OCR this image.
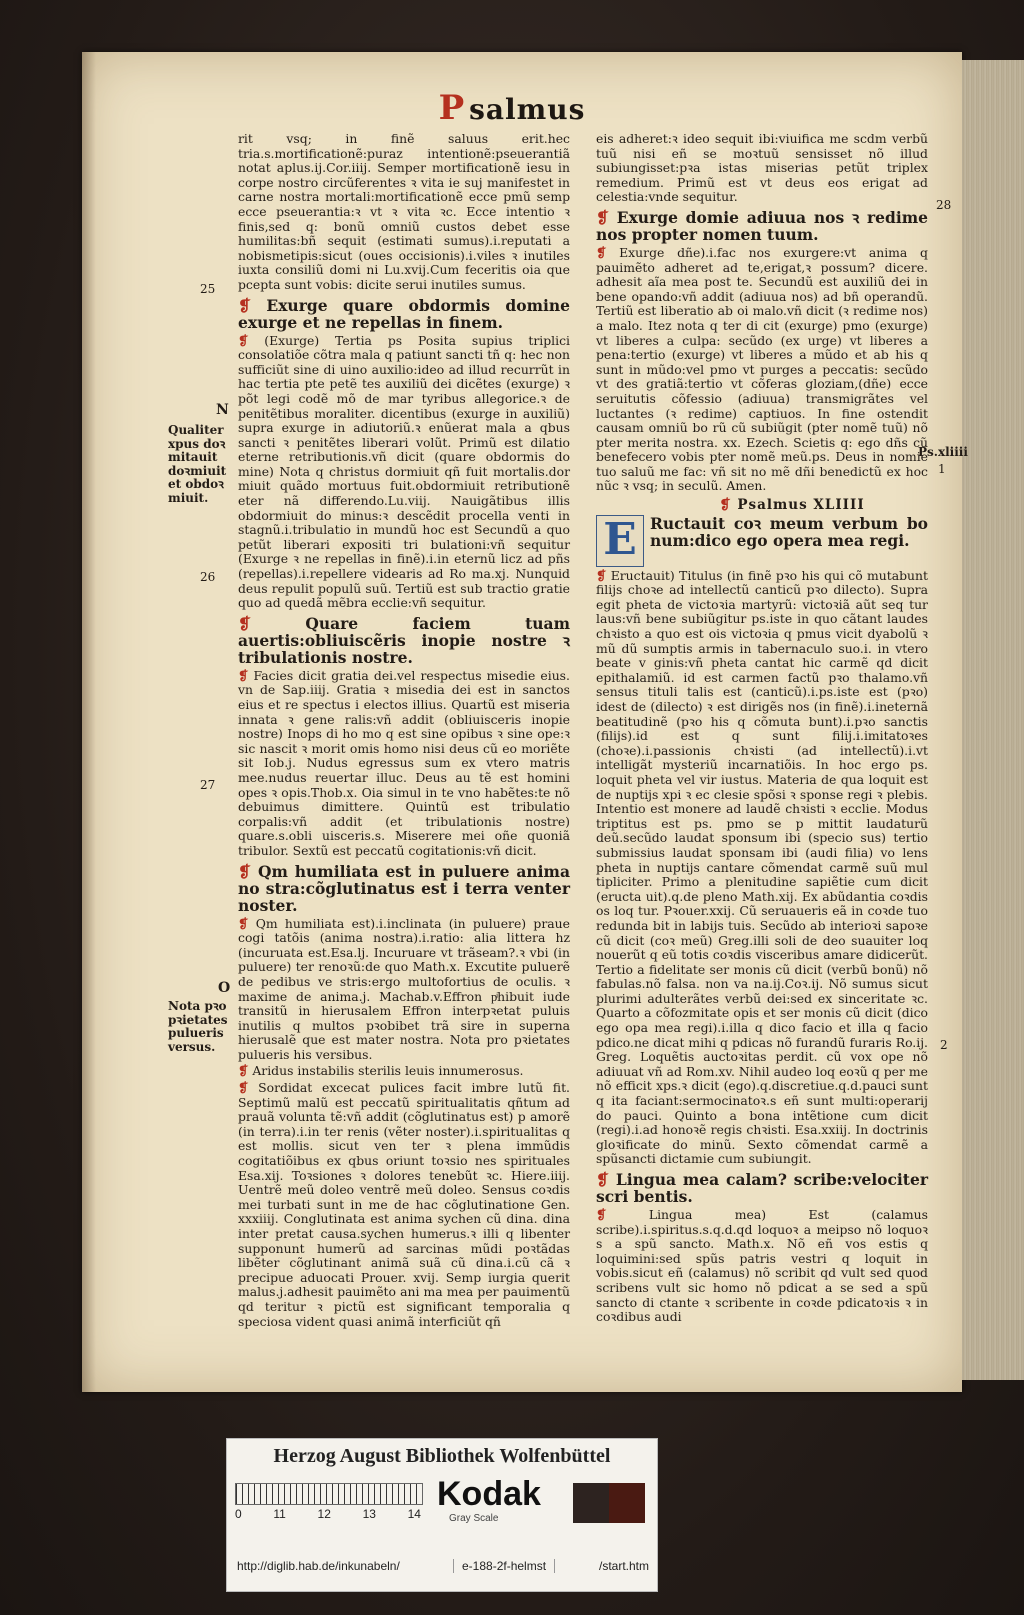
P salmus
25
26
27
28
2
N
Qualiter
xpus doꝛ
mitauit
doꝛmiuit
et obdoꝛ
miuit.
O
Nota pꝛo
pꝛietates
pulueris
versus.
Ps.xliiii
1

rit vsq; in finẽ saluus erit.hec tria.s.mortificationẽ:puraz intentionẽ:pseuerantiã notat aplus.ij.Cor.iiij. Semper mortificationẽ iesu in corpe nostro circũferentes ꝛ vita ie suj manifestet in carne nostra mortali:mortificationẽ ecce pmũ semp ecce pseuerantia:ꝛ vt ꝛ vita ꝛc. Ecce intentio ꝛ finis,sed q: bonũ omniũ custos debet esse humilitas:bñ sequit (estimati sumus).i.reputati a nobismetipis:sicut (oues occisionis).i.viles ꝛ inutiles iuxta consiliũ domi ni Lu.xvij.Cum feceritis oia que pcepta sunt vobis: dicite serui inutiles sumus.

❡ Exurge quare obdormis domine exurge et ne repellas in finem.

❡ (Exurge) Tertia ps Posita supius triplici consolatiõe cõtra mala q patiunt sancti tñ q: hec non sufficiũt sine di uino auxilio:ideo ad illud recurrũt in hac tertia pte petẽ tes auxiliũ dei dicẽtes (exurge) ꝛ põt legi codẽ mõ de mar tyribus allegorice.ꝛ de penitẽtibus moraliter. dicentibus (exurge in auxiliũ) supra exurge in adiutoriũ.ꝛ enũerat mala a qbus sancti ꝛ penitẽtes liberari volũt. Primũ est dilatio eterne retributionis.vñ dicit (quare obdormis do mine) Nota q christus dormiuit qñ fuit mortalis.dor miuit quãdo mortuus fuit.obdormiuit retributionẽ eter nã differendo.Lu.viij. Nauigãtibus illis obdormiuit do minus:ꝛ descẽdit procella venti in stagnũ.i.tribulatio in mundũ hoc est Secundũ a quo petũt liberari expositi tri bulationi:vñ sequitur (Exurge ꝛ ne repellas in finẽ).i.in eternũ licz ad pñs (repellas).i.repellere videaris ad Ro ma.xj. Nunquid deus repulit populũ suũ. Tertiũ est sub tractio gratie quo ad quedã mẽbra ecclie:vñ sequitur.

❡	Quare faciem tuam auertis:obliuiscẽris inopie nostre ꝛ tribulationis nostre.

❡ Facies dicit gratia dei.vel respectus misedie eius. vn de Sap.iiij. Gratia ꝛ misedia dei est in sanctos eius et re spectus i electos illius. Quartũ est miseria innata ꝛ gene ralis:vñ addit (obliuisceris inopie nostre) Inops di ho mo q est sine opibus ꝛ sine ope:ꝛ sic nascit ꝛ morit omis homo nisi deus cũ eo moriẽte sit Iob.j. Nudus egressus sum ex vtero matris mee.nudus reuertar illuc. Deus au tẽ est homini opes ꝛ opis.Thob.x. Oia simul in te vno habẽtes:te nõ debuimus dimittere. Quintũ est tribulatio corpalis:vñ addit (et tribulationis nostre) quare.s.obli uisceris.s. Miserere mei oñe quoniã tribulor. Sextũ est peccatũ cogitationis:vñ dicit.

❡ Qm humiliata est in puluere anima no stra:cõglutinatus est i terra venter noster.

❡ Qm humiliata est).i.inclinata (in puluere) praue cogi tatõis (anima nostra).i.ratio: alia littera hz (incuruata est.Esa.lj. Incuruare vt trãseam?.ꝛ vbi (in puluere) ter renoꝛũ:de quo Math.x. Excutite puluerẽ de pedibus ve stris:ergo multofortius de oculis. ꝛ maxime de anima.j. Machab.v.Effron pͥhibuit iude transitũ in hierusalem Effron interpꝛetat puluis inutilis q multos pꝛobibet trã sire in superna hierusalẽ que est mater nostra. Nota pro pꝛietates pulueris his versibus.

❡ Aridus instabilis sterilis leuis innumerosus.

❡ Sordidat excecat pulices facit imbre lutũ fit. Septimũ malũ est peccatũ spiritualitatis qñtum ad prauã volunta tẽ:vñ addit (cõglutinatus est) p amorẽ (in terra).i.in ter renis (vẽter noster).i.spiritualitas q est mollis. sicut ven ter ꝛ plena immũdis cogitatiõibus ex qbus oriunt toꝛsio nes spirituales Esa.xij. Toꝛsiones ꝛ dolores tenebũt ꝛc. Hiere.iiij. Uentrẽ meũ doleo ventrẽ meũ doleo. Sensus coꝛdis mei turbati sunt in me de hac cõglutinatione Gen. xxxiiij. Conglutinata est anima sychen cũ dina. dina inter pretat causa.sychen humerus.ꝛ illi q libenter supponunt humerũ ad sarcinas mũdi poꝛtãdas libẽter cõglutinant animã suã cũ dina.i.cũ cã ꝛ precipue aduocati Prouer. xvij. Semp iurgia querit malus.j.adhesit pauimẽto ani ma mea per pauimentũ qd teritur ꝛ pictũ est significant temporalia q speciosa vident quasi animã interficiũt qñ

eis adheret:ꝛ ideo sequit ibi:viuifica me scdm verbũ tuũ nisi eñ se moꝛtuũ sensisset nõ illud subiungisset:pꝛa istas miserias petũt triplex remedium. Primũ est vt deus eos erigat ad celestia:vnde sequitur.

❡ Exurge domie adiuua nos ꝛ redime nos propter nomen tuum.

❡ Exurge dñe).i.fac nos exurgere:vt anima q pauimẽto adheret ad te,erigat,ꝛ possum? dicere. adhesit aĩa mea post te. Secundũ est auxiliũ dei in bene opando:vñ addit (adiuua nos) ad bñ operandũ. Tertiũ est liberatio ab oi malo.vñ dicit (ꝛ redime nos) a malo. Itez nota q ter di cit (exurge) pmo (exurge) vt liberes a culpa: secũdo (ex urge) vt liberes a pena:tertio (exurge) vt liberes a mũdo et ab his q sunt in mũdo:vel pmo vt purges a peccatis: secũdo vt des gratiã:tertio vt cõferas gloziam,(dñe) ecce seruitutis cõfessio (adiuua) transmigrãtes vel luctantes (ꝛ redime) captiuos. In fine ostendit causam omniũ bo rũ cũ subiũgit (pter nomẽ tuũ) nõ pter merita nostra. xx. Ezech. Scietis q: ego dñs cũ benefecero vobis pter nomẽ meũ.ps. Deus in nomie tuo saluũ me fac: vñ sit no mẽ dñi benedictũ ex hoc nũc ꝛ vsq; in seculũ. Amen.

❡ Psalmus XLIIII
E Ructauit coꝛ meum verbum bo num:dico ego opera mea regi.

❡ Eructauit) Titulus (in finẽ pꝛo his qui cõ mutabunt filijs choꝛe ad intellectũ canticũ pꝛo dilecto). Supra egit pheta de victoꝛia martyrũ: victoꝛiã aũt seq tur laus:vñ bene subiũgitur ps.iste in quo cãtant laudes chꝛisto a quo est ois victoꝛia q pmus vicit dyabolũ ꝛ mũ dũ sumptis armis in tabernaculo suo.i. in vtero beate v ginis:vñ pheta cantat hic carmẽ qd dicit epithalamiũ. id est carmen factũ pꝛo thalamo.vñ sensus tituli talis est (canticũ).i.ps.iste est (pꝛo) idest de (dilecto) ꝛ est dirigẽs nos (in finẽ).i.ineternã beatitudinẽ (pꝛo his q cõmuta bunt).i.pꝛo sanctis (filijs).id est q sunt filij.i.imitatoꝛes (choꝛe).i.passionis chꝛisti (ad intellectũ).i.vt intelligãt mysteriũ incarnatiõis. In hoc ergo ps. loquit pheta vel vir iustus. Materia de qua loquit est de nuptijs xpi ꝛ ec clesie spõsi ꝛ sponse regi ꝛ plebis. Intentio est monere ad laudẽ chꝛisti ꝛ ecclie. Modus triptitus est ps. pmo se p mittit laudaturũ deũ.secũdo laudat sponsum ibi (specio sus) tertio submissius laudat sponsam ibi (audi filia) vo lens pheta in nuptijs cantare cõmendat carmẽ suũ mul tipliciter. Primo a plenitudine sapiẽtie cum dicit (eructa uit).q.de pleno Math.xij. Ex abũdantia coꝛdis os loq tur. Pꝛouer.xxij. Cũ seruaueris eã in coꝛde tuo redunda bit in labijs tuis. Secũdo ab interioꝛi sapoꝛe cũ dicit (coꝛ meũ) Greg.illi soli de deo suauiter loq nouerũt q eũ totis coꝛdis visceribus amare didicerũt. Tertio a fidelitate ser monis cũ dicit (verbũ bonũ) nõ fabulas.nõ falsa. non va na.ij.Coꝛ.ij. Nõ sumus sicut plurimi adulterãtes verbũ dei:sed ex sinceritate ꝛc. Quarto a cõfozmitate opis et ser monis cũ dicit (dico ego opa mea regi).i.illa q dico facio et illa q facio pdico.ne dicat mihi q pdicas nõ furandũ furaris Ro.ij. Greg. Loquẽtis auctoꝛitas perdit. cũ vox ope nõ adiuuat vñ ad Rom.xv. Nihil audeo loq eoꝛũ q per me nõ efficit xps.ꝛ dicit (ego).q.discretiue.q.d.pauci sunt q ita faciant:sermocinatoꝛ.s eñ sunt multi:operarij do pauci. Quinto a bona intẽtione cum dicit (regi).i.ad honoꝛẽ regis chꝛisti. Esa.xxiij. In doctrinis gloꝛificate do minũ. Sexto cõmendat carmẽ a spũsancti dictamie cum subiungit.

❡ Lingua mea calam? scribe:velociter scri bentis.

❡	Lingua mea) Est (calamus scribe).i.spiritus.s.q.d.qd loquoꝛ a meipso nõ loquoꝛ s a spũ sancto. Math.x. Nõ eñ vos estis q loquimini:sed spũs patris vestri q loquit in vobis.sicut eñ (calamus) nõ scribit qd vult sed quod scribens vult sic homo nõ pdicat a se sed a spũ sancto di ctante ꝛ scribente in coꝛde pdicatoꝛis ꝛ in coꝛdibus audi

Herzog August Bibliothek Wolfenbüttel
0	11	12	13	14
Kodak
Gray Scale
http://diglib.hab.de/inkunabeln/	e-188-2f-helmst	/start.htm
